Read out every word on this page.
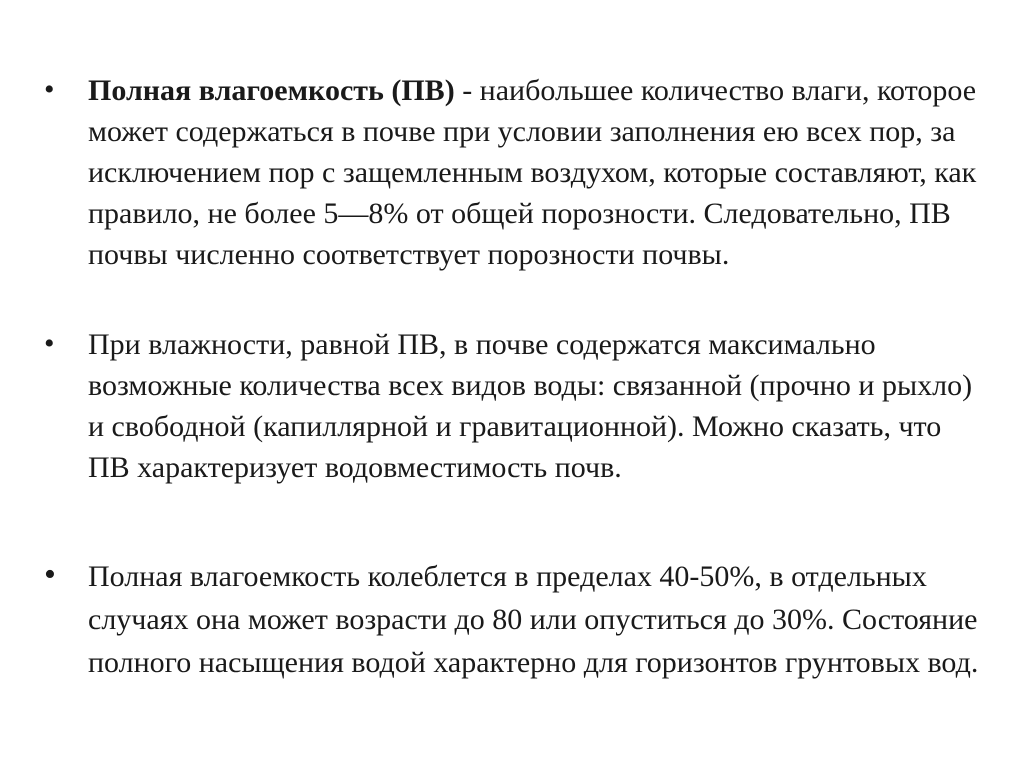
• Полная влагоемкость (ПВ) - наибольшее количество влаги, которое может содержаться в почве при условии заполнения ею всех пор, за исключением пор с защемленным воздухом, которые составляют, как правило, не более 5—8% от общей порозности. Следовательно, ПВ почвы численно соответствует порозности почвы.

• При влажности, равной ПВ, в почве содержатся максимально возможные количества всех видов воды: связанной (прочно и рыхло) и свободной (капиллярной и гравитационной). Можно сказать, что ПВ характеризует водовместимость почв.

• Полная влагоемкость колеблется в пределах 40-50%, в отдельных случаях она может возрасти до 80 или опуститься до 30%. Состояние полного насыщения водой характерно для горизонтов грунтовых вод.
